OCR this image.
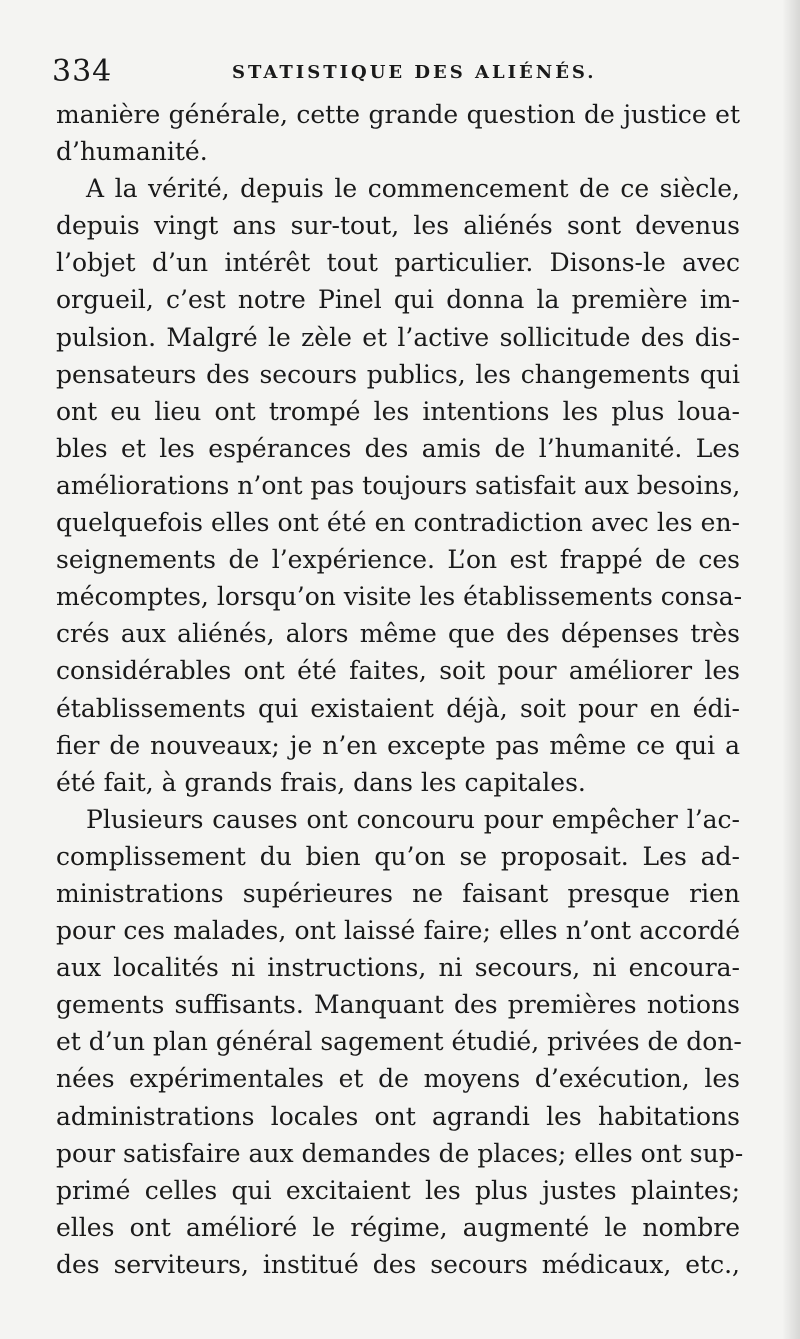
334	STATISTIQUE DES ALIÉNÉS.
manière générale, cette grande question de justice et
d’humanité.
A la vérité, depuis le commencement de ce siècle,
depuis vingt ans sur-tout, les aliénés sont devenus
l’objet d’un intérêt tout particulier. Disons-le avec
orgueil, c’est notre Pinel qui donna la première im-
pulsion. Malgré le zèle et l’active sollicitude des dis-
pensateurs des secours publics, les changements qui
ont eu lieu ont trompé les intentions les plus loua-
bles et les espérances des amis de l’humanité. Les
améliorations n’ont pas toujours satisfait aux besoins,
quelquefois elles ont été en contradiction avec les en-
seignements de l’expérience. L’on est frappé de ces
mécomptes, lorsqu’on visite les établissements consa-
crés aux aliénés, alors même que des dépenses très
considérables ont été faites, soit pour améliorer les
établissements qui existaient déjà, soit pour en édi-
fier de nouveaux; je n’en excepte pas même ce qui a
été fait, à grands frais, dans les capitales.
Plusieurs causes ont concouru pour empêcher l’ac-
complissement du bien qu’on se proposait. Les ad-
ministrations supérieures ne faisant presque rien
pour ces malades, ont laissé faire; elles n’ont accordé
aux localités ni instructions, ni secours, ni encoura-
gements suffisants. Manquant des premières notions
et d’un plan général sagement étudié, privées de don-
nées expérimentales et de moyens d’exécution, les
administrations locales ont agrandi les habitations
pour satisfaire aux demandes de places; elles ont sup-
primé celles qui excitaient les plus justes plaintes;
elles ont amélioré le régime, augmenté le nombre
des serviteurs, institué des secours médicaux, etc.,
